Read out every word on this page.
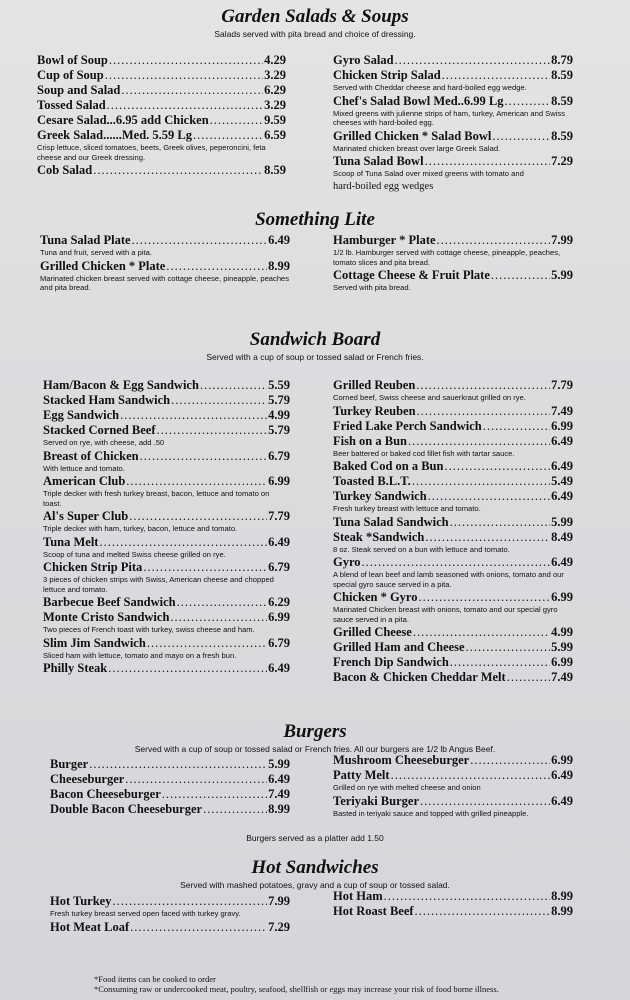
Garden Salads & Soups

Salads served with pita bread and choice of dressing.

Bowl of Soup .....	4.29
Cup of Soup .....	3.29
Soup and Salad .....	6.29
Tossed Salad .....	3.29
Cesare Salad...6.95 add Chicken .....	9.59
Greek Salad......Med. 5.59 Lg .....	6.59
Crisp lettuce, sliced tomatoes, beets, Greek olives, peperoncini, feta cheese and our Greek dressing.
Cob Salad .....	8.59
Gyro Salad .....	8.79
Chicken Strip Salad .....	8.59
Served with Cheddar cheese and hard-boiled egg wedge.
Chef's Salad Bowl Med..6.99 Lg .....	8.59
Mixed greens with julienne strips of ham, turkey, American and Swiss cheeses with hard-boiled egg.
Grilled Chicken * Salad Bowl .....	8.59
Marinated chicken breast over large Greek Salad.
Tuna Salad Bowl .....	7.29
Scoop of Tuna Salad over mixed greens with tomato and
hard-boiled egg wedges
Something Lite
Tuna Salad Plate .....	6.49
Tuna and fruit, served with a pita.
Grilled Chicken * Plate .....	8.99
Marinated chicken breast served with cottage cheese, pineapple, peaches and pita bread.
Hamburger * Plate .....	7.99
1/2 lb. Hamburger served with cottage cheese, pineapple, peaches, tomato slices and pita bread.
Cottage Cheese & Fruit Plate .....	5.99
Served with pita bread.
Sandwich Board

Served with a cup of soup or tossed salad or French fries.

Ham/Bacon & Egg Sandwich .....	5.59
Stacked Ham Sandwich .....	5.79
Egg Sandwich .....	4.99
Stacked Corned Beef .....	5.79
Served on rye, with cheese, add .50
Breast of Chicken .....	6.79
With lettuce and tomato.
American Club .....	6.99
Triple decker with fresh turkey breast, bacon, lettuce and tomato on toast.
Al's Super Club .....	7.79
Triple decker with ham, turkey, bacon, lettuce and tomato.
Tuna Melt .....	6.49
Scoop of tuna and melted Swiss cheese grilled on rye.
Chicken Strip Pita .....	6.79
3 pieces of chicken strips with Swiss, American cheese and chopped lettuce and tomato.
Barbecue Beef Sandwich .....	6.29
Monte Cristo Sandwich .....	6.99
Two pieces of French toast with turkey, swiss cheese and ham.
Slim Jim Sandwich .....	6.79
Sliced ham with lettuce, tomato and mayo on a fresh bun.
Philly Steak .....	6.49
Grilled Reuben .....	7.79
Corned beef, Swiss cheese and sauerkraut grilled on rye.
Turkey Reuben .....	7.49
Fried Lake Perch Sandwich .....	6.99
Fish on a Bun .....	6.49
Beer battered or baked cod fillet fish with tartar sauce.
Baked Cod on a Bun .....	6.49
Toasted B.L.T. .....	5.49
Turkey Sandwich .....	6.49
Fresh turkey breast with lettuce and tomato.
Tuna Salad Sandwich .....	5.99
Steak *Sandwich .....	8.49
8 oz. Steak served on a bun with lettuce and tomato.
Gyro .....	6.49
A blend of lean beef and lamb seasoned with onions, tomato and our special gyro sauce served in a pita.
Chicken * Gyro .....	6.99
Marinated Chicken breast with onions, tomato and our special gyro sauce served in a pita.
Grilled Cheese .....	4.99
Grilled Ham and Cheese .....	5.99
French Dip Sandwich .....	6.99
Bacon & Chicken Cheddar Melt .....	7.49
Burgers

Served with a cup of soup or tossed salad or French fries. All our burgers are 1/2 lb Angus Beef.

Burger .....	5.99
Cheeseburger .....	6.49
Bacon Cheeseburger .....	7.49
Double Bacon Cheeseburger .....	8.99
Mushroom Cheeseburger .....	6.99
Patty Melt .....	6.49
Grilled on rye with melted cheese and onion
Teriyaki Burger .....	6.49
Basted in teriyaki sauce and topped with grilled pineapple.
Burgers served as a platter add 1.50
Hot Sandwiches

Served with mashed potatoes, gravy and a cup of soup or tossed salad.

Hot Turkey .....	7.99
Fresh turkey breast served open faced with turkey gravy.
Hot Meat Loaf .....	7.29
Hot Ham .....	8.99
Hot Roast Beef .....	8.99
*Food items can be cooked to order
*Consuming raw or undercooked meat, poultry, seafood, shellfish or eggs may increase your risk of food borne illness.
